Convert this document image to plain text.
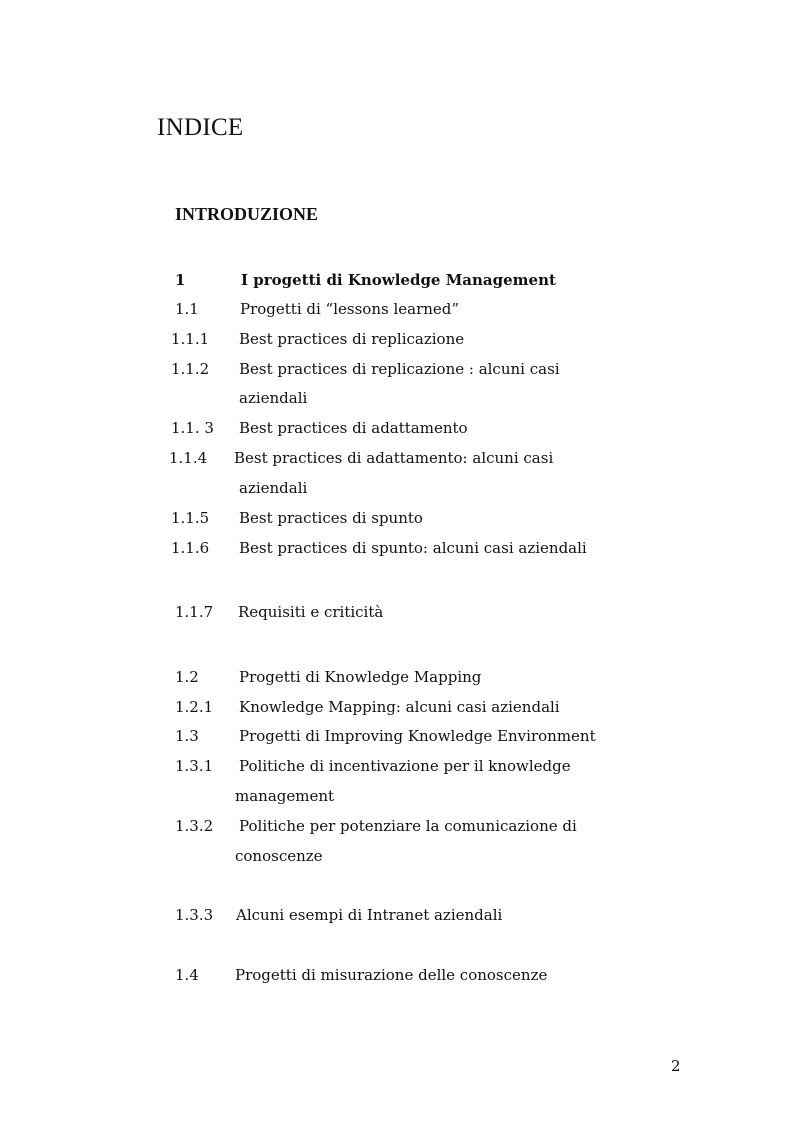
INDICE
INTRODUZIONE
1	I progetti di Knowledge Management
1.1	Progetti di “lessons learned”
1.1.1 Best practices di replicazione
1.1.2 Best practices di replicazione : alcuni casi
aziendali
1.1. 3 Best practices di adattamento
1.1.4 Best practices di adattamento: alcuni casi
aziendali
1.1.5 Best practices di spunto
1.1.6 Best practices di spunto: alcuni casi aziendali
1.1.7 Requisiti e criticità
1.2	Progetti di Knowledge Mapping
1.2.1 Knowledge Mapping: alcuni casi aziendali
1.3	Progetti di Improving Knowledge Environment
1.3.1 Politiche di incentivazione per il knowledge
management
1.3.2 Politiche per potenziare la comunicazione di
conoscenze
1.3.3 Alcuni esempi di Intranet aziendali
1.4 Progetti di misurazione delle conoscenze
2
